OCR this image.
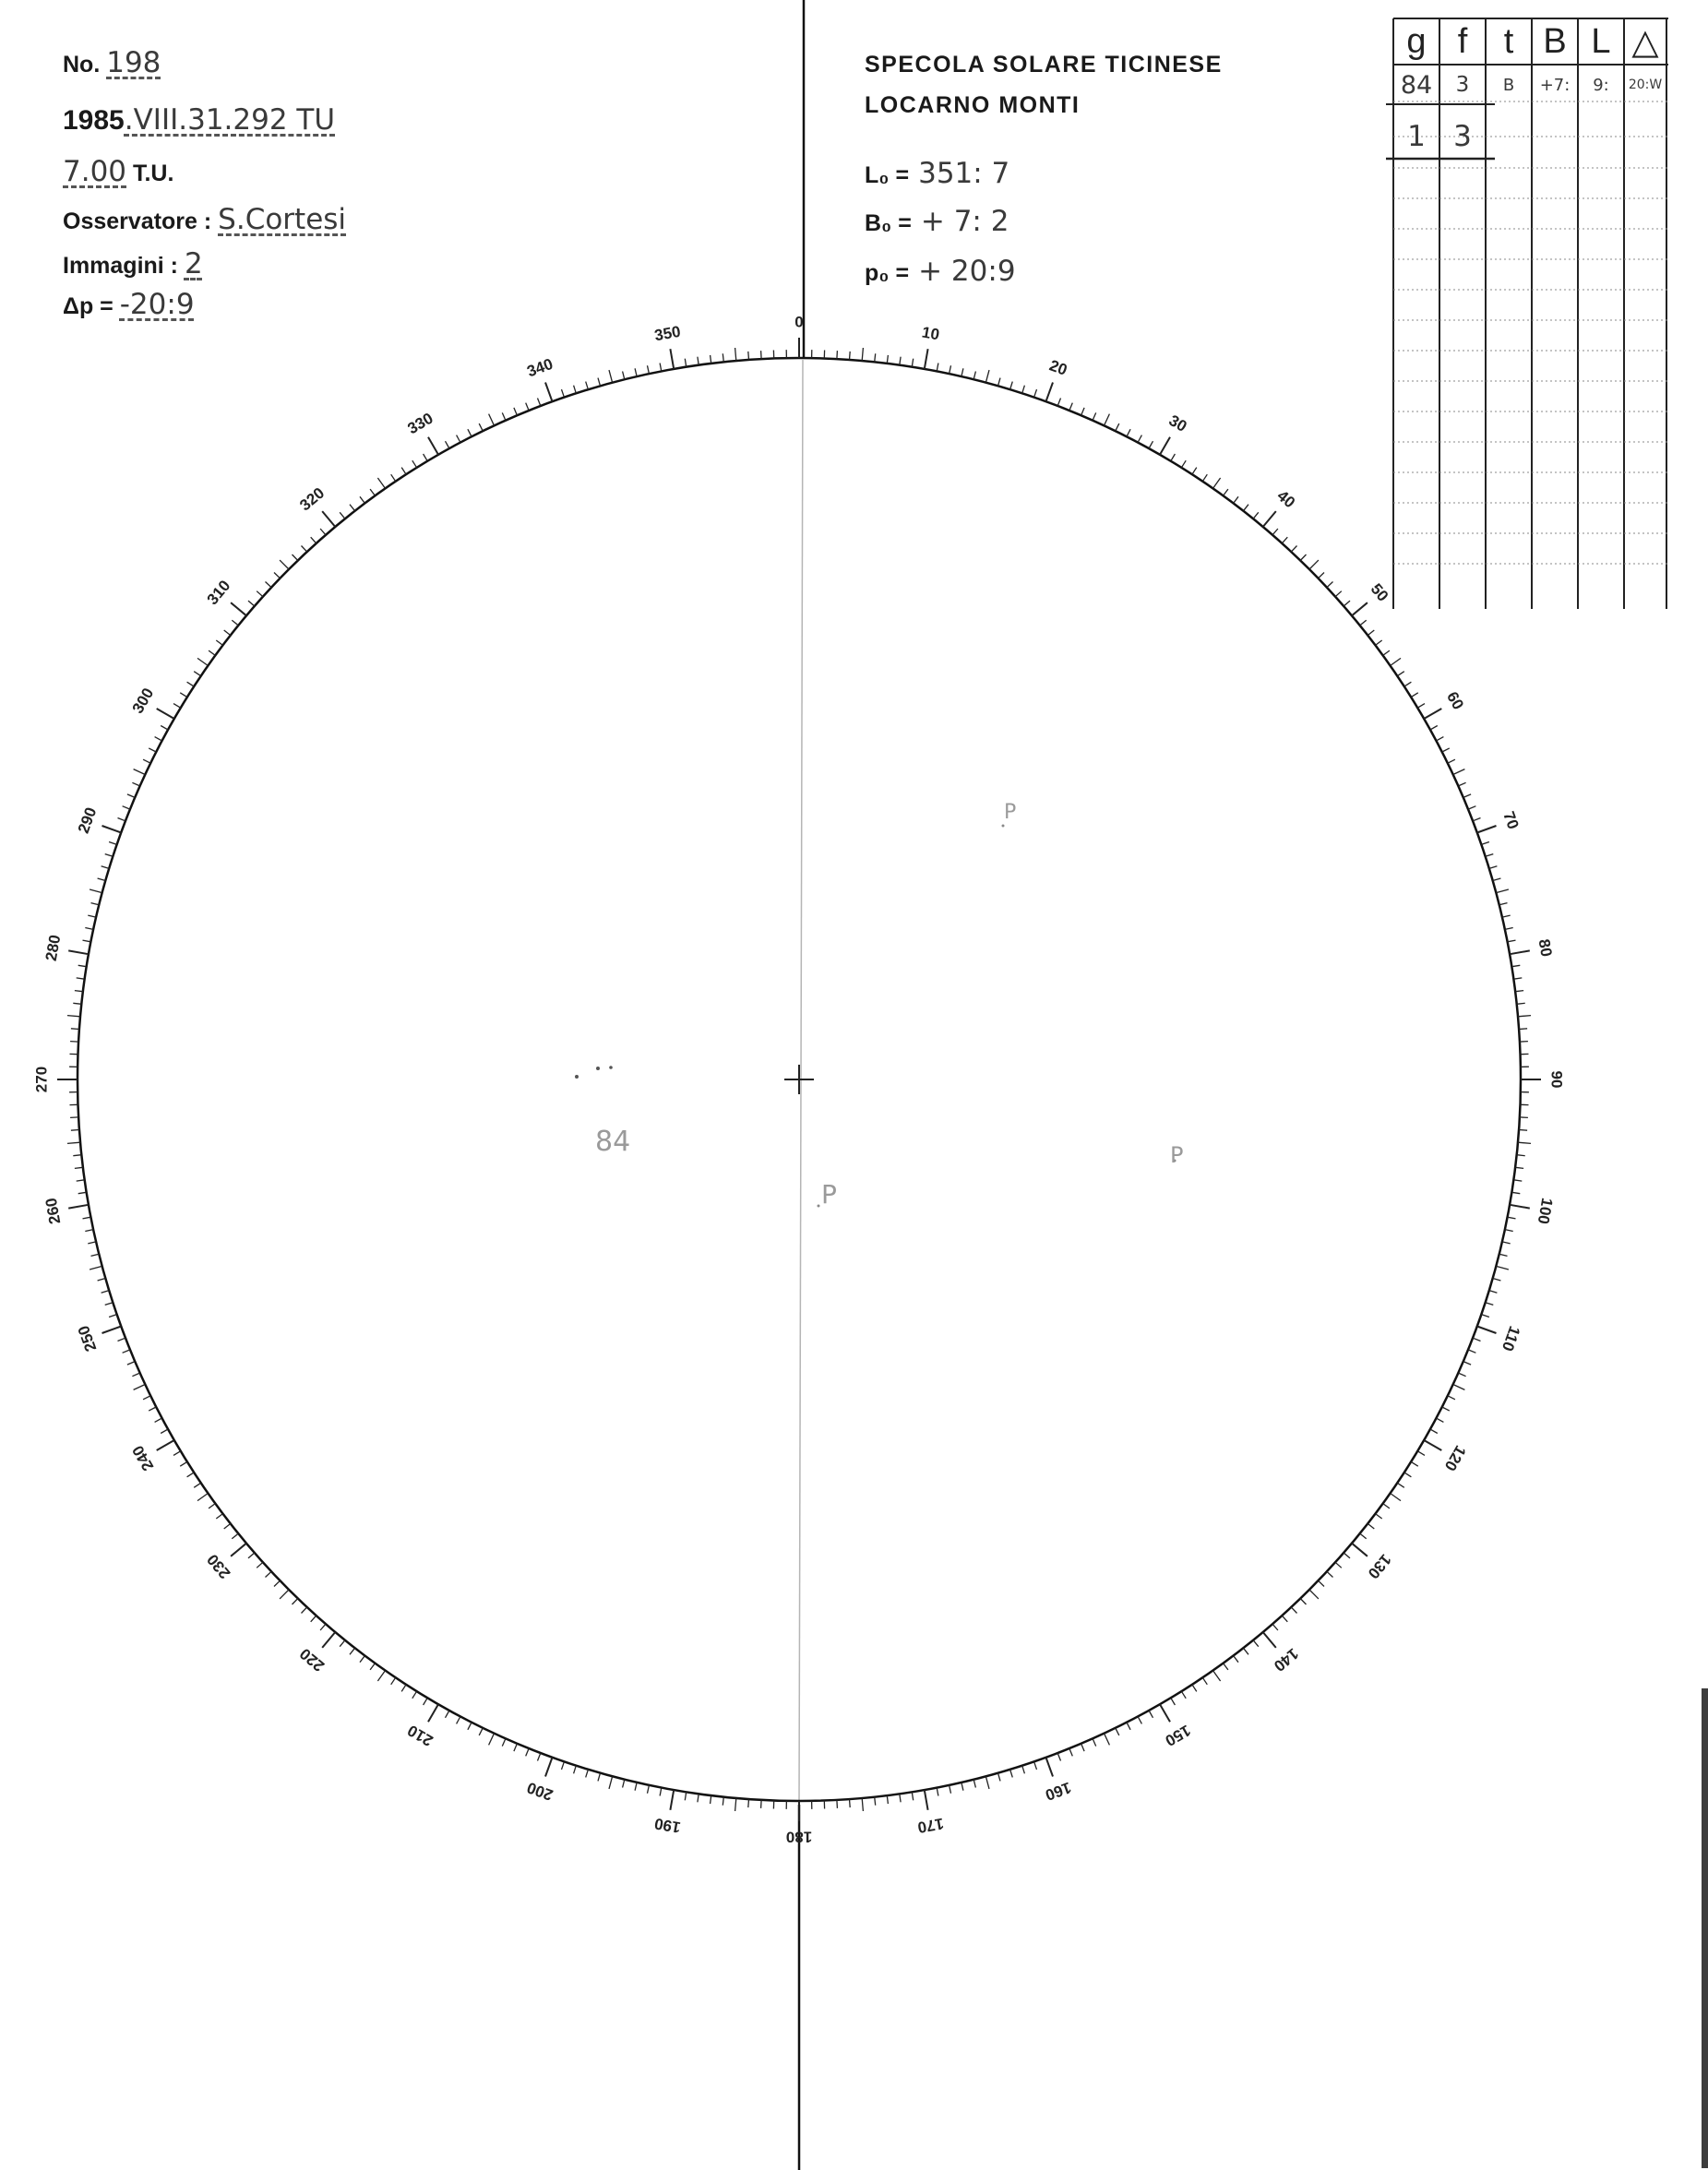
No. 198
1985.VIII.31.292 TU
7.00 T.U.
Osservatore : S.Cortesi
Immagini : 2
Δp = -20:9
SPECOLA SOLARE TICINESE
LOCARNO MONTI
L₀ = 351: 7
B₀ = + 7: 2
p₀ = + 20:9
0
10
20
30
40
50
60
70
80
90
100
110
120
130
140
150
160
170
180
190
200
210
220
230
240
250
260
270
280
290
300
310
320
330
340
350
84
P
P
P
g f	t B L △
84	3	B	+7:	9:	20:W
1 3
